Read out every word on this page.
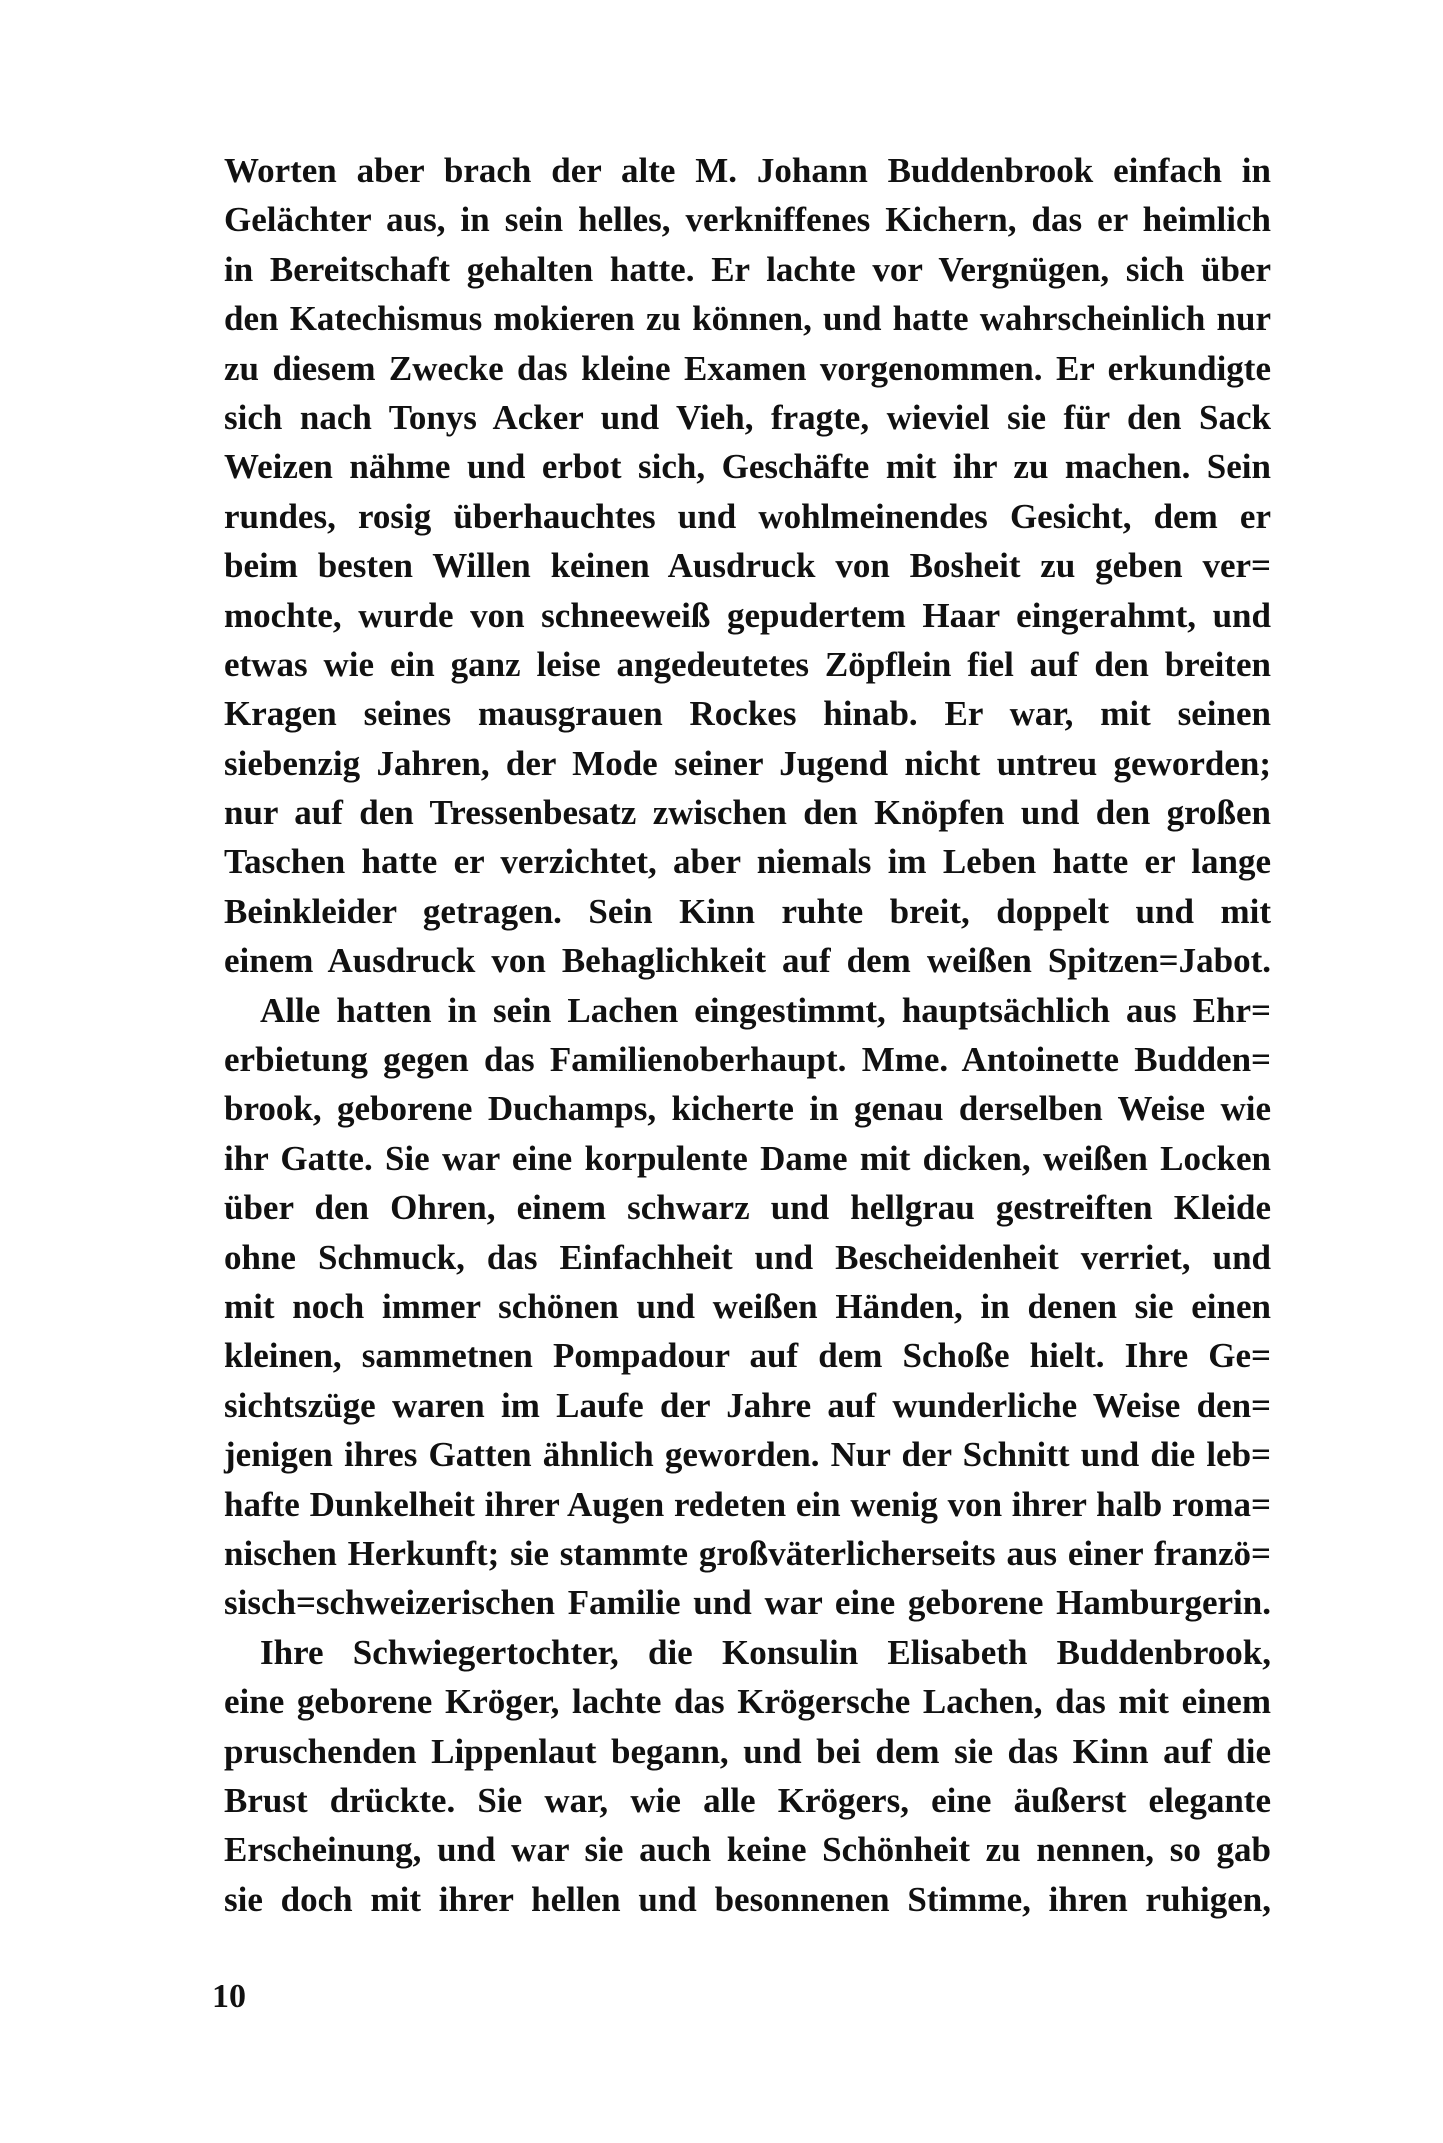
Worten aber brach der alte M. Johann Buddenbrook einfach in
Gelächter aus, in sein helles, verkniffenes Kichern, das er heimlich
in Bereitschaft gehalten hatte. Er lachte vor Vergnügen, sich über
den Katechismus mokieren zu können, und hatte wahrscheinlich nur
zu diesem Zwecke das kleine Examen vorgenommen. Er erkundigte
sich nach Tonys Acker und Vieh, fragte, wieviel sie für den Sack
Weizen nähme und erbot sich, Geschäfte mit ihr zu machen. Sein
rundes, rosig überhauchtes und wohlmeinendes Gesicht, dem er
beim besten Willen keinen Ausdruck von Bosheit zu geben ver=
mochte, wurde von schneeweiß gepudertem Haar eingerahmt, und
etwas wie ein ganz leise angedeutetes Zöpflein fiel auf den breiten
Kragen seines mausgrauen Rockes hinab. Er war, mit seinen
siebenzig Jahren, der Mode seiner Jugend nicht untreu geworden;
nur auf den Tressenbesatz zwischen den Knöpfen und den großen
Taschen hatte er verzichtet, aber niemals im Leben hatte er lange
Beinkleider getragen. Sein Kinn ruhte breit, doppelt und mit
einem Ausdruck von Behaglichkeit auf dem weißen Spitzen=Jabot.
Alle hatten in sein Lachen eingestimmt, hauptsächlich aus Ehr=
erbietung gegen das Familienoberhaupt. Mme. Antoinette Budden=
brook, geborene Duchamps, kicherte in genau derselben Weise wie
ihr Gatte. Sie war eine korpulente Dame mit dicken, weißen Locken
über den Ohren, einem schwarz und hellgrau gestreiften Kleide
ohne Schmuck, das Einfachheit und Bescheidenheit verriet, und
mit noch immer schönen und weißen Händen, in denen sie einen
kleinen, sammetnen Pompadour auf dem Schoße hielt. Ihre Ge=
sichtszüge waren im Laufe der Jahre auf wunderliche Weise den=
jenigen ihres Gatten ähnlich geworden. Nur der Schnitt und die leb=
hafte Dunkelheit ihrer Augen redeten ein wenig von ihrer halb roma=
nischen Herkunft; sie stammte großväterlicherseits aus einer franzö=
sisch=schweizerischen Familie und war eine geborene Hamburgerin.
Ihre Schwiegertochter, die Konsulin Elisabeth Buddenbrook,
eine geborene Kröger, lachte das Krögersche Lachen, das mit einem
pruschenden Lippenlaut begann, und bei dem sie das Kinn auf die
Brust drückte. Sie war, wie alle Krögers, eine äußerst elegante
Erscheinung, und war sie auch keine Schönheit zu nennen, so gab
sie doch mit ihrer hellen und besonnenen Stimme, ihren ruhigen,
10
